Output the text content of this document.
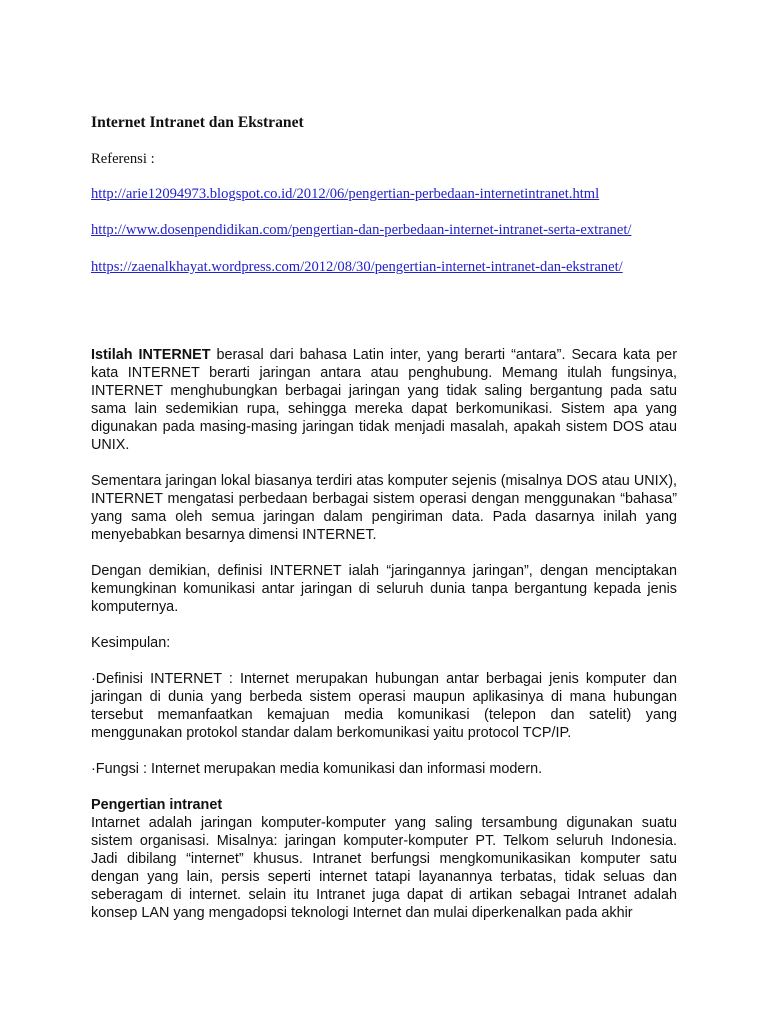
Internet Intranet dan Ekstranet

Referensi :

http://arie12094973.blogspot.co.id/2012/06/pengertian-perbedaan-internetintranet.html
http://www.dosenpendidikan.com/pengertian-dan-perbedaan-internet-intranet-serta-extranet/
https://zaenalkhayat.wordpress.com/2012/08/30/pengertian-internet-intranet-dan-ekstranet/

Istilah INTERNET berasal dari bahasa Latin inter, yang berarti “antara”. Secara kata per kata INTERNET berarti jaringan antara atau penghubung. Memang itulah fungsinya, INTERNET menghubungkan berbagai jaringan yang tidak saling bergantung pada satu sama lain sedemikian rupa, sehingga mereka dapat berkomunikasi. Sistem apa yang digunakan pada masing-masing jaringan tidak menjadi masalah, apakah sistem DOS atau UNIX.

Sementara jaringan lokal biasanya terdiri atas komputer sejenis (misalnya DOS atau UNIX), INTERNET mengatasi perbedaan berbagai sistem operasi dengan menggunakan “bahasa” yang sama oleh semua jaringan dalam pengiriman data. Pada dasarnya inilah yang menyebabkan besarnya dimensi INTERNET.

Dengan demikian, definisi INTERNET ialah “jaringannya jaringan”, dengan menciptakan kemungkinan komunikasi antar jaringan di seluruh dunia tanpa bergantung kepada jenis komputernya.

Kesimpulan:

·Definisi INTERNET : Internet merupakan hubungan antar berbagai jenis komputer dan jaringan di dunia yang berbeda sistem operasi maupun aplikasinya di mana hubungan tersebut memanfaatkan kemajuan media komunikasi (telepon dan satelit) yang menggunakan protokol standar dalam berkomunikasi yaitu protocol TCP/IP.

·Fungsi : Internet merupakan media komunikasi dan informasi modern.

Pengertian intranet

Intarnet adalah jaringan komputer-komputer yang saling tersambung digunakan suatu sistem organisasi. Misalnya: jaringan komputer-komputer PT. Telkom seluruh Indonesia. Jadi dibilang “internet” khusus. Intranet berfungsi mengkomunikasikan komputer satu dengan yang lain, persis seperti internet tatapi layanannya terbatas, tidak seluas dan seberagam di internet. selain itu Intranet juga dapat di artikan sebagai Intranet adalah konsep LAN yang mengadopsi teknologi Internet dan mulai diperkenalkan pada akhir
